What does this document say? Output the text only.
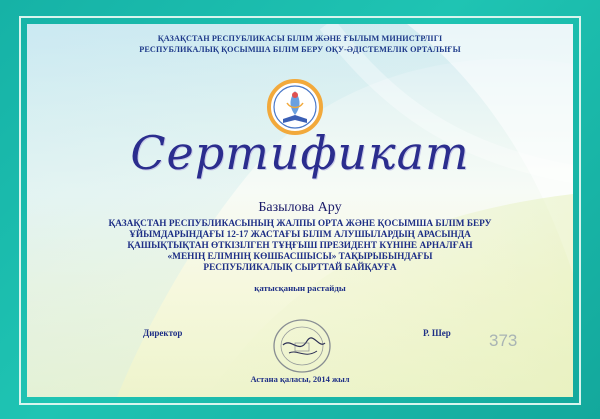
ҚАЗАҚСТАН РЕСПУБЛИКАСЫ БІЛІМ ЖӘНЕ ҒЫЛЫМ МИНИСТРЛІГІ
РЕСПУБЛИКАЛЫҚ ҚОСЫМША БІЛІМ БЕРУ ОҚУ-ӘДІСТЕМЕЛІК ОРТАЛЫҒЫ
Сертификат
Базылова Ару
ҚАЗАҚСТАН РЕСПУБЛИКАСЫНЫҢ ЖАЛПЫ ОРТА ЖӘНЕ ҚОСЫМША БІЛІМ БЕРУ
ҰЙЫМДАРЫНДАҒЫ 12-17 ЖАСТАҒЫ БІЛІМ АЛУШЫЛАРДЫҢ АРАСЫНДА
ҚАШЫҚТЫҚТАН ӨТКІЗІЛГЕН ТҰҢҒЫШ ПРЕЗИДЕНТ КҮНІНЕ АРНАЛҒАН
«МЕНІҢ ЕЛІМНІҢ КӨШБАСШЫСЫ» ТАҚЫРЫБЫНДАҒЫ
РЕСПУБЛИКАЛЫҚ СЫРТТАЙ БАЙҚАУҒА
қатысқанын растайды
Директор	Р. Шер
Астана қаласы, 2014 жыл
373
